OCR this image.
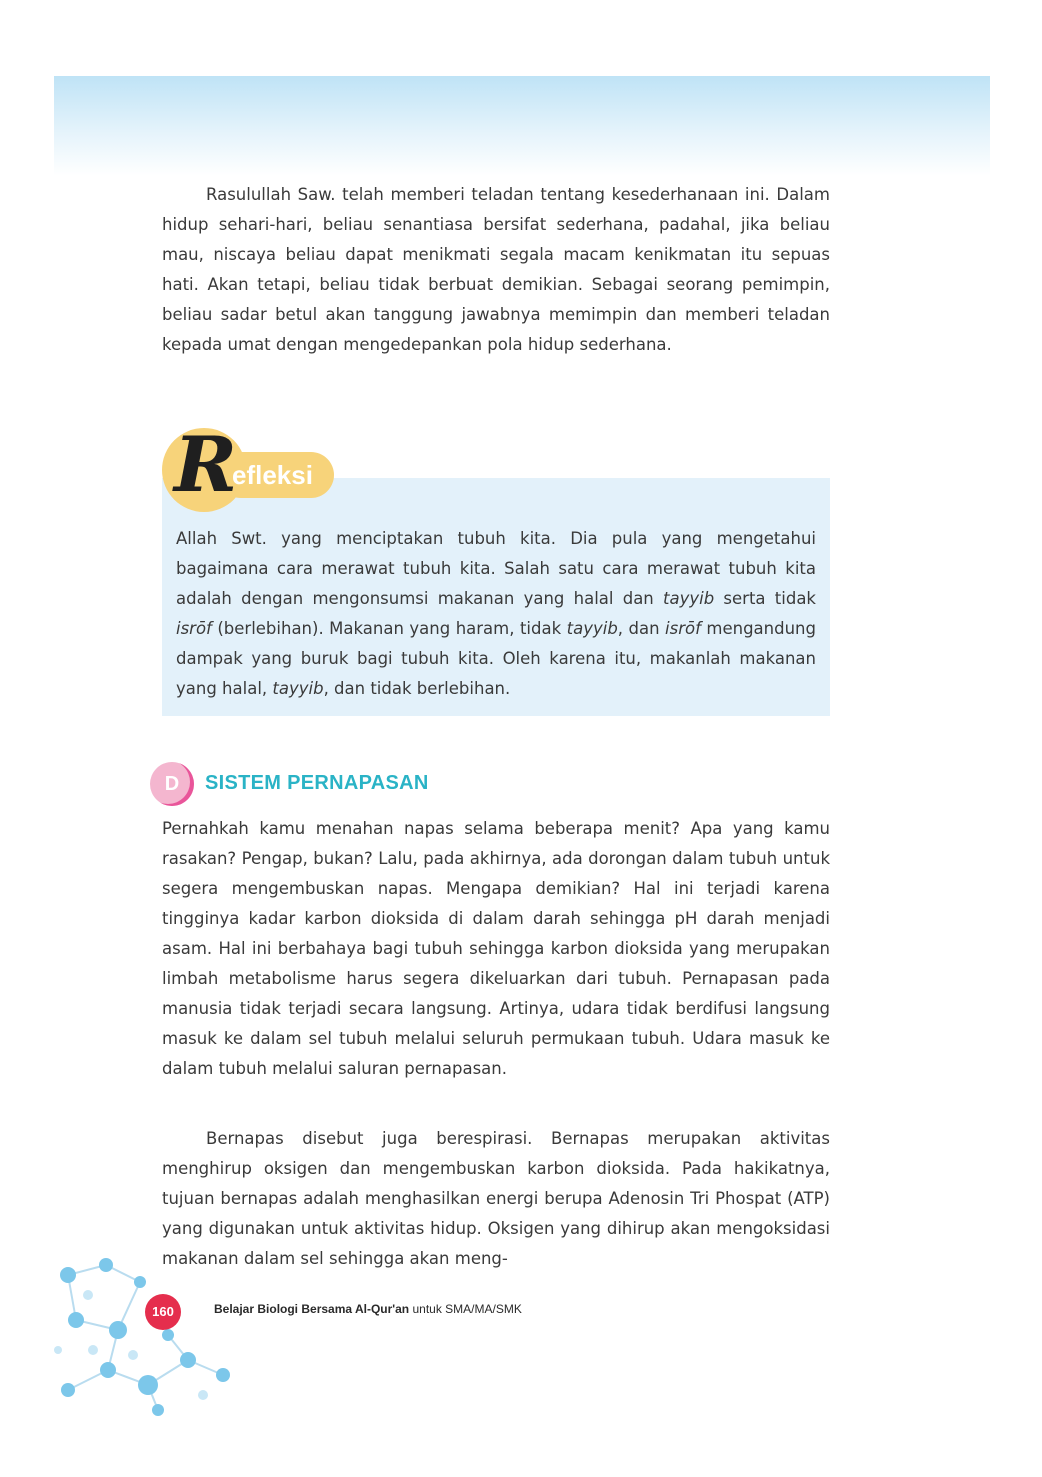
Rasulullah Saw. telah memberi teladan tentang kesederhanaan ini. Dalam hidup sehari-hari, beliau senantiasa bersifat sederhana, padahal, jika beliau mau, niscaya beliau dapat menikmati segala macam kenikmatan itu sepuas hati. Akan tetapi, beliau tidak berbuat demikian. Sebagai seorang pemimpin, beliau sadar betul akan tanggung jawabnya memimpin dan memberi teladan kepada umat dengan mengedepankan pola hidup sederhana.

R
efleksi

Allah Swt. yang menciptakan tubuh kita. Dia pula yang mengetahui bagaimana cara merawat tubuh kita. Salah satu cara merawat tubuh kita adalah dengan mengonsumsi makanan yang halal dan tayyib serta tidak isrōf (berlebihan). Makanan yang haram, tidak tayyib, dan isrōf mengandung dampak yang buruk bagi tubuh kita. Oleh karena itu, makanlah makanan yang halal, tayyib, dan tidak berlebihan.

D	SISTEM PERNAPASAN

Pernahkah kamu menahan napas selama beberapa menit? Apa yang kamu rasakan? Pengap, bukan? Lalu, pada akhirnya, ada dorongan dalam tubuh untuk segera mengembuskan napas. Mengapa demikian? Hal ini terjadi karena tingginya kadar karbon dioksida di dalam darah sehingga pH darah menjadi asam. Hal ini berbahaya bagi tubuh sehingga karbon dioksida yang merupakan limbah metabolisme harus segera dikeluarkan dari tubuh. Pernapasan pada manusia tidak terjadi secara langsung. Artinya, udara tidak berdifusi langsung masuk ke dalam sel tubuh melalui seluruh permukaan tubuh. Udara masuk ke dalam tubuh melalui saluran pernapasan.

Bernapas disebut juga berespirasi. Bernapas merupakan aktivitas menghirup oksigen dan mengembuskan karbon dioksida. Pada hakikatnya, tujuan bernapas adalah menghasilkan energi berupa Adenosin Tri Phospat (ATP) yang digunakan untuk aktivitas hidup. Oksigen yang dihirup akan mengoksidasi makanan dalam sel sehingga akan meng-

160	Belajar Biologi Bersama Al-Qur'an untuk SMA/MA/SMK
